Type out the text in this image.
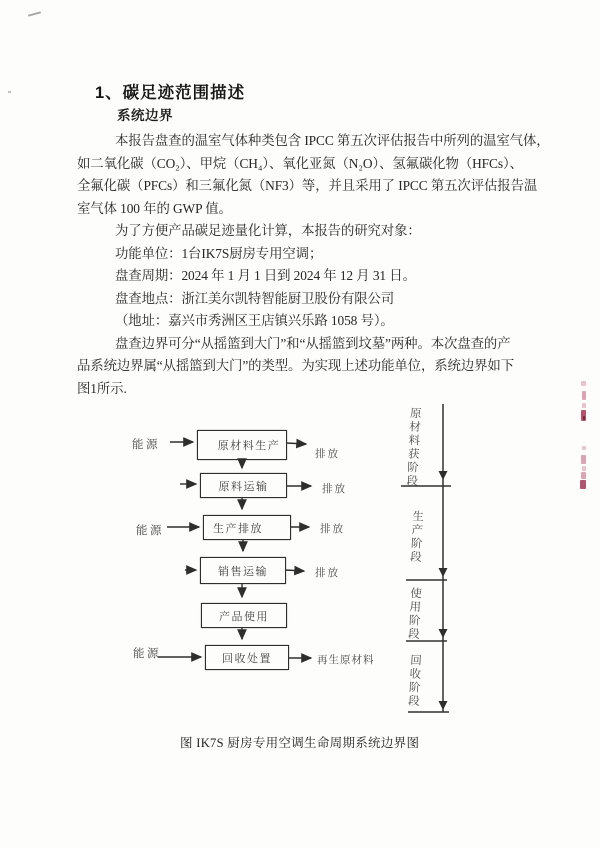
1、碳足迹范围描述
系统边界
本报告盘查的温室气体种类包含 IPCC 第五次评估报告中所列的温室气体，
如二氧化碳（CO₂）、甲烷（CH₄）、氧化亚氮（N₂O）、氢氟碳化物（HFCs）、
全氟化碳（PFCs）和三氟化氮（NF3）等，并且采用了 IPCC 第五次评估报告温
室气体 100 年的 GWP 值。
为了方便产品碳足迹量化计算，本报告的研究对象：
功能单位：1台IK7S厨房专用空调；
盘查周期：2024 年 1 月 1 日到 2024 年 12 月 31 日。
盘查地点：浙江美尔凯特智能厨卫股份有限公司
（地址：嘉兴市秀洲区王店镇兴乐路 1058 号）。
盘查边界可分“从摇篮到大门”和“从摇篮到坟墓”两种。本次盘查的产
品系统边界属“从摇篮到大门”的类型。为实现上述功能单位，系统边界如下
图1所示.
原材料生产
原料运输
生产排放
销售运输
产品使用
回收处置
能源
能源
能源
排放
排放
排放
排放
再生原材料
原材料获阶段
生产阶段
使用阶段
回收阶段
图 IK7S 厨房专用空调生命周期系统边界图
